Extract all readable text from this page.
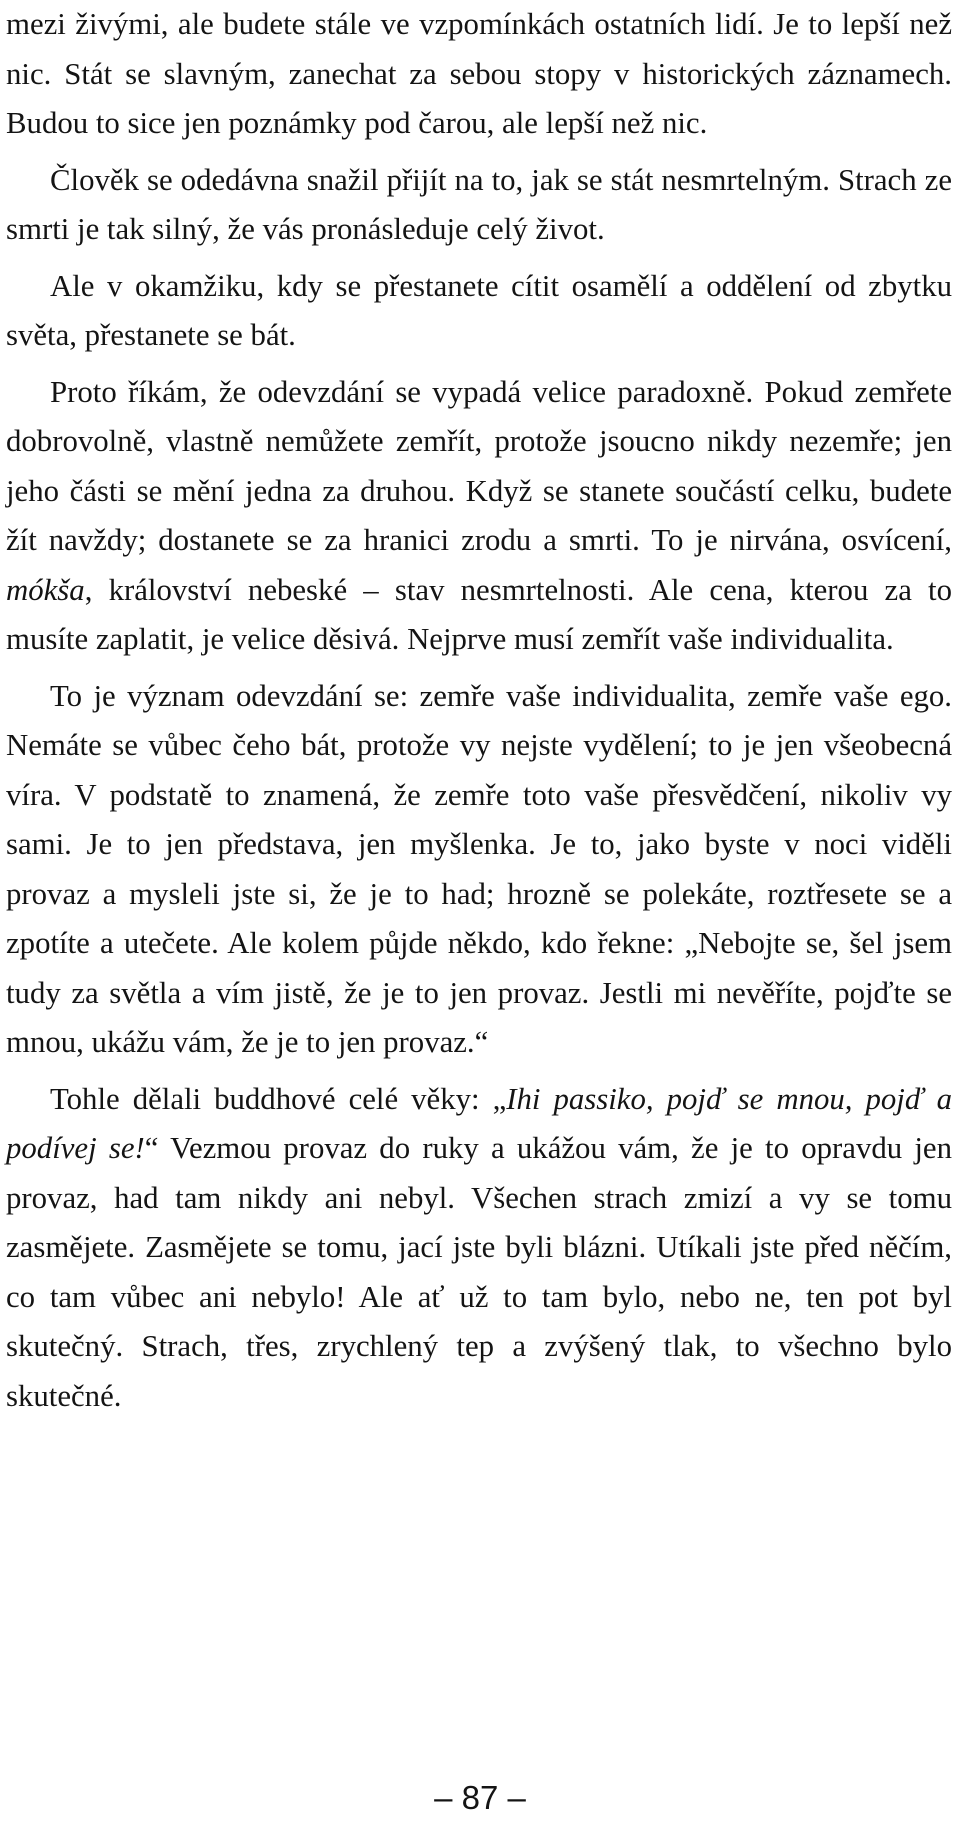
mezi živými, ale budete stále ve vzpomínkách ostatních lidí. Je to lepší než nic. Stát se slavným, zanechat za sebou stopy v historických záznamech. Budou to sice jen poznámky pod čarou, ale lepší než nic.

Člověk se odedávna snažil přijít na to, jak se stát nesmrtelným. Strach ze smrti je tak silný, že vás pronásleduje celý život.

Ale v okamžiku, kdy se přestanete cítit osamělí a oddělení od zbytku světa, přestanete se bát.

Proto říkám, že odevzdání se vypadá velice paradoxně. Pokud zemřete dobrovolně, vlastně nemůžete zemřít, protože jsoucno nikdy nezemře; jen jeho části se mění jedna za druhou. Když se stanete součástí celku, budete žít navždy; dostanete se za hranici zrodu a smrti. To je nirvána, osvícení, mókša, království nebeské – stav nesmrtelnosti. Ale cena, kterou za to musíte zaplatit, je velice děsivá. Nejprve musí zemřít vaše individualita.

To je význam odevzdání se: zemře vaše individualita, zemře vaše ego. Nemáte se vůbec čeho bát, protože vy nejste vydělení; to je jen všeobecná víra. V podstatě to znamená, že zemře toto vaše přesvědčení, nikoliv vy sami. Je to jen představa, jen myšlenka. Je to, jako byste v noci viděli provaz a mysleli jste si, že je to had; hrozně se polekáte, roztřesete se a zpotíte a utečete. Ale kolem půjde někdo, kdo řekne: „Nebojte se, šel jsem tudy za světla a vím jistě, že je to jen provaz. Jestli mi nevěříte, pojďte se mnou, ukážu vám, že je to jen provaz.“

Tohle dělali buddhové celé věky: „Ihi passiko, pojď se mnou, pojď a podívej se!“ Vezmou provaz do ruky a ukážou vám, že je to opravdu jen provaz, had tam nikdy ani nebyl. Všechen strach zmizí a vy se tomu zasmějete. Zasmějete se tomu, jací jste byli blázni. Utíkali jste před něčím, co tam vůbec ani nebylo! Ale ať už to tam bylo, nebo ne, ten pot byl skutečný. Strach, třes, zrychlený tep a zvýšený tlak, to všechno bylo skutečné.

– 87 –
